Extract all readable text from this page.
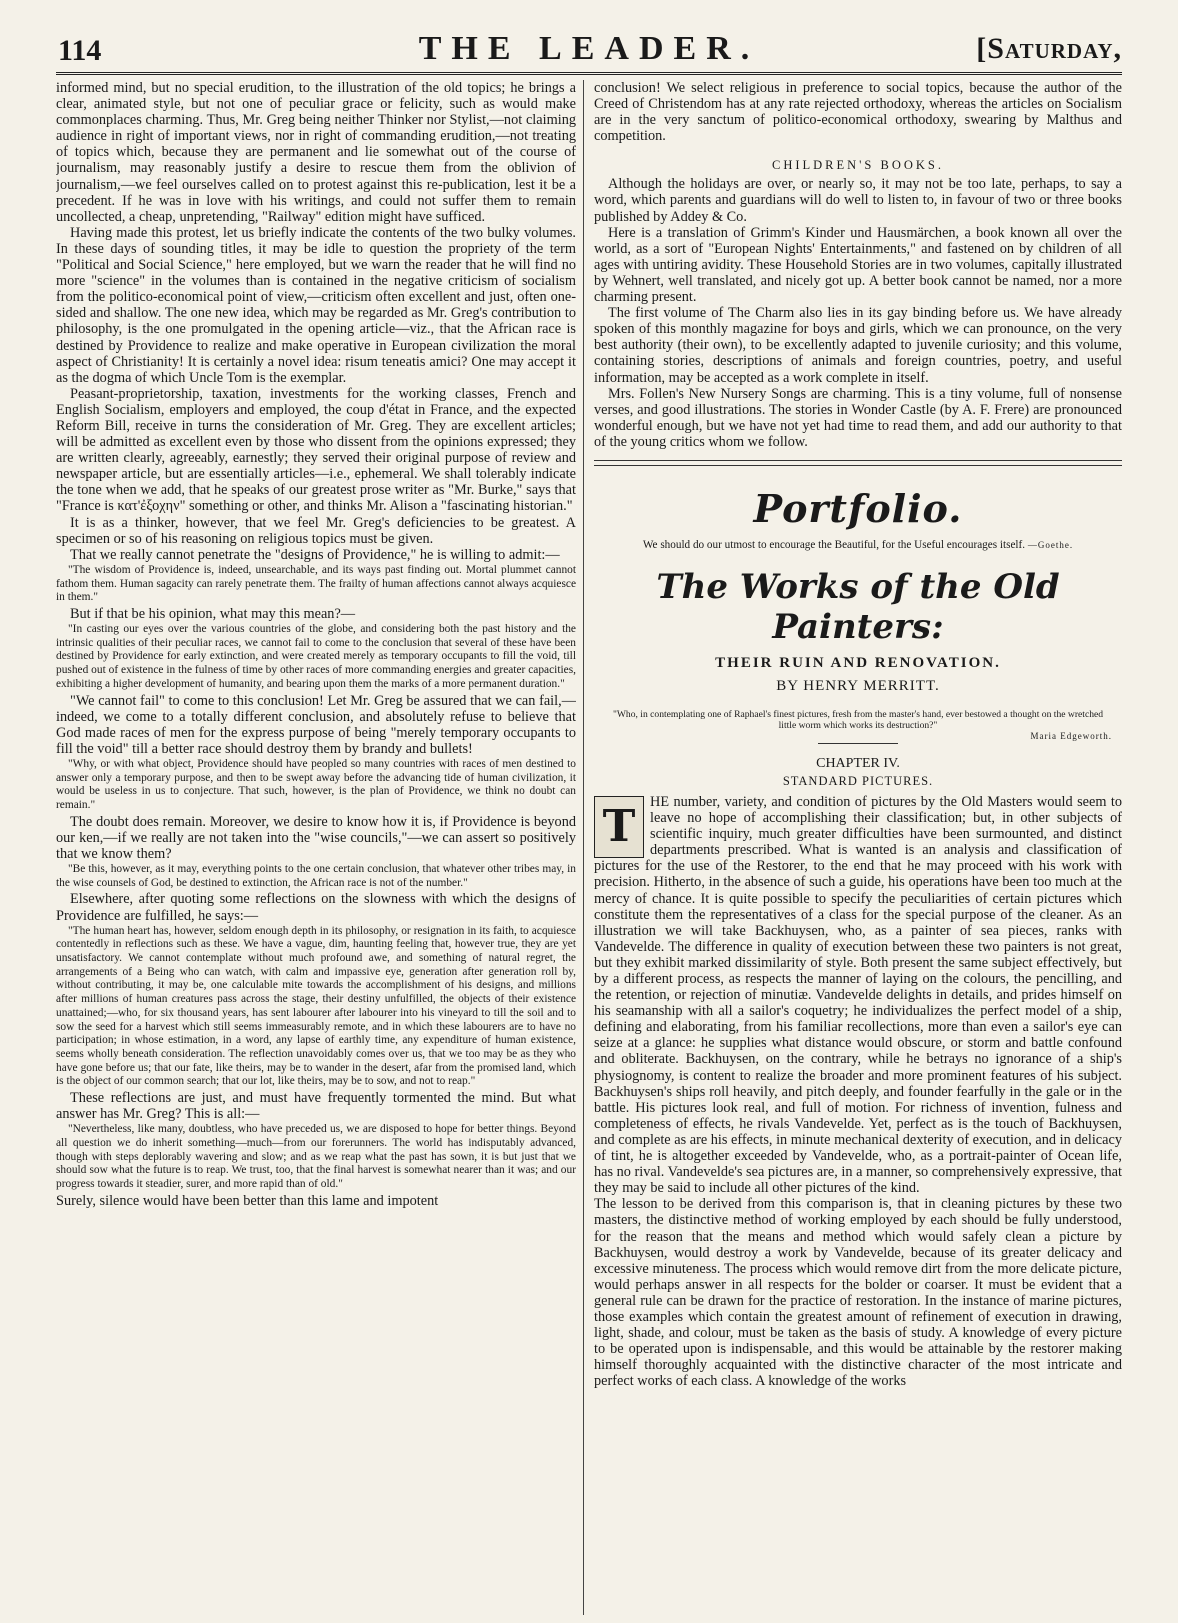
114	THE LEADER.	[Saturday,

informed mind, but no special erudition, to the illustration of the old topics; he brings a clear, animated style, but not one of peculiar grace or felicity, such as would make commonplaces charming. Thus, Mr. Greg being neither Thinker nor Stylist,—not claiming audience in right of important views, nor in right of commanding erudition,—not treating of topics which, because they are permanent and lie somewhat out of the course of journalism, may reasonably justify a desire to rescue them from the oblivion of journalism,—we feel ourselves called on to protest against this re-publication, lest it be a precedent. If he was in love with his writings, and could not suffer them to remain uncollected, a cheap, unpretending, "Railway" edition might have sufficed.

Having made this protest, let us briefly indicate the contents of the two bulky volumes. In these days of sounding titles, it may be idle to question the propriety of the term "Political and Social Science," here employed, but we warn the reader that he will find no more "science" in the volumes than is contained in the negative criticism of socialism from the politico-economical point of view,—criticism often excellent and just, often one-sided and shallow. The one new idea, which may be regarded as Mr. Greg's contribution to philosophy, is the one promulgated in the opening article—viz., that the African race is destined by Providence to realize and make operative in European civilization the moral aspect of Christianity! It is certainly a novel idea: risum teneatis amici? One may accept it as the dogma of which Uncle Tom is the exemplar.

Peasant-proprietorship, taxation, investments for the working classes, French and English Socialism, employers and employed, the coup d'état in France, and the expected Reform Bill, receive in turns the consideration of Mr. Greg. They are excellent articles; will be admitted as excellent even by those who dissent from the opinions expressed; they are written clearly, agreeably, earnestly; they served their original purpose of review and newspaper article, but are essentially articles—i.e., ephemeral. We shall tolerably indicate the tone when we add, that he speaks of our greatest prose writer as "Mr. Burke," says that "France is κατ'ἐξοχην" something or other, and thinks Mr. Alison a "fascinating historian."

It is as a thinker, however, that we feel Mr. Greg's deficiencies to be greatest. A specimen or so of his reasoning on religious topics must be given.

That we really cannot penetrate the "designs of Providence," he is willing to admit:—

"The wisdom of Providence is, indeed, unsearchable, and its ways past finding out. Mortal plummet cannot fathom them. Human sagacity can rarely penetrate them. The frailty of human affections cannot always acquiesce in them."

But if that be his opinion, what may this mean?—

"In casting our eyes over the various countries of the globe, and considering both the past history and the intrinsic qualities of their peculiar races, we cannot fail to come to the conclusion that several of these have been destined by Providence for early extinction, and were created merely as temporary occupants to fill the void, till pushed out of existence in the fulness of time by other races of more commanding energies and greater capacities, exhibiting a higher development of humanity, and bearing upon them the marks of a more permanent duration."

"We cannot fail" to come to this conclusion! Let Mr. Greg be assured that we can fail,—indeed, we come to a totally different conclusion, and absolutely refuse to believe that God made races of men for the express purpose of being "merely temporary occupants to fill the void" till a better race should destroy them by brandy and bullets!

"Why, or with what object, Providence should have peopled so many countries with races of men destined to answer only a temporary purpose, and then to be swept away before the advancing tide of human civilization, it would be useless in us to conjecture. That such, however, is the plan of Providence, we think no doubt can remain."

The doubt does remain. Moreover, we desire to know how it is, if Providence is beyond our ken,—if we really are not taken into the "wise councils,"—we can assert so positively that we know them?

"Be this, however, as it may, everything points to the one certain conclusion, that whatever other tribes may, in the wise counsels of God, be destined to extinction, the African race is not of the number."

Elsewhere, after quoting some reflections on the slowness with which the designs of Providence are fulfilled, he says:—

"The human heart has, however, seldom enough depth in its philosophy, or resignation in its faith, to acquiesce contentedly in reflections such as these. We have a vague, dim, haunting feeling that, however true, they are yet unsatisfactory. We cannot contemplate without much profound awe, and something of natural regret, the arrangements of a Being who can watch, with calm and impassive eye, generation after generation roll by, without contributing, it may be, one calculable mite towards the accomplishment of his designs, and millions after millions of human creatures pass across the stage, their destiny unfulfilled, the objects of their existence unattained;—who, for six thousand years, has sent labourer after labourer into his vineyard to till the soil and to sow the seed for a harvest which still seems immeasurably remote, and in which these labourers are to have no participation; in whose estimation, in a word, any lapse of earthly time, any expenditure of human existence, seems wholly beneath consideration. The reflection unavoidably comes over us, that we too may be as they who have gone before us; that our fate, like theirs, may be to wander in the desert, afar from the promised land, which is the object of our common search; that our lot, like theirs, may be to sow, and not to reap."

These reflections are just, and must have frequently tormented the mind. But what answer has Mr. Greg? This is all:—

"Nevertheless, like many, doubtless, who have preceded us, we are disposed to hope for better things. Beyond all question we do inherit something—much—from our forerunners. The world has indisputably advanced, though with steps deplorably wavering and slow; and as we reap what the past has sown, it is but just that we should sow what the future is to reap. We trust, too, that the final harvest is somewhat nearer than it was; and our progress towards it steadier, surer, and more rapid than of old."

Surely, silence would have been better than this lame and impotent

conclusion! We select religious in preference to social topics, because the author of the Creed of Christendom has at any rate rejected orthodoxy, whereas the articles on Socialism are in the very sanctum of politico-economical orthodoxy, swearing by Malthus and competition.

CHILDREN'S BOOKS.

Although the holidays are over, or nearly so, it may not be too late, perhaps, to say a word, which parents and guardians will do well to listen to, in favour of two or three books published by Addey & Co.

Here is a translation of Grimm's Kinder und Hausmärchen, a book known all over the world, as a sort of "European Nights' Entertainments," and fastened on by children of all ages with untiring avidity. These Household Stories are in two volumes, capitally illustrated by Wehnert, well translated, and nicely got up. A better book cannot be named, nor a more charming present.

The first volume of The Charm also lies in its gay binding before us. We have already spoken of this monthly magazine for boys and girls, which we can pronounce, on the very best authority (their own), to be excellently adapted to juvenile curiosity; and this volume, containing stories, descriptions of animals and foreign countries, poetry, and useful information, may be accepted as a work complete in itself.

Mrs. Follen's New Nursery Songs are charming. This is a tiny volume, full of nonsense verses, and good illustrations. The stories in Wonder Castle (by A. F. Frere) are pronounced wonderful enough, but we have not yet had time to read them, and add our authority to that of the young critics whom we follow.

Portfolio.
We should do our utmost to encourage the Beautiful, for the Useful encourages itself. —Goethe.
The Works of the Old Painters:
THEIR RUIN AND RENOVATION.
BY HENRY MERRITT.
"Who, in contemplating one of Raphael's finest pictures, fresh from the master's hand, ever bestowed a thought on the wretched little worm which works its destruction?"
Maria Edgeworth.
CHAPTER IV.
STANDARD PICTURES.
T	HE number, variety, and condition of pictures by the Old Masters would seem to leave no hope of accomplishing their classification; but, in other subjects of scientific inquiry, much greater difficulties have been surmounted, and distinct departments prescribed. What is wanted is an analysis and classification of pictures for the use of the Restorer, to the end that he may proceed with his work with precision. Hitherto, in the absence of such a guide, his operations have been too much at the mercy of chance. It is quite possible to specify the peculiarities of certain pictures which constitute them the representatives of a class for the special purpose of the cleaner. As an illustration we will take Backhuysen, who, as a painter of sea pieces, ranks with Vandevelde. The difference in quality of execution between these two painters is not great, but they exhibit marked dissimilarity of style. Both present the same subject effectively, but by a different process, as respects the manner of laying on the colours, the pencilling, and the retention, or rejection of minutiæ. Vandevelde delights in details, and prides himself on his seamanship with all a sailor's coquetry; he individualizes the perfect model of a ship, defining and elaborating, from his familiar recollections, more than even a sailor's eye can seize at a glance: he supplies what distance would obscure, or storm and battle confound and obliterate. Backhuysen, on the contrary, while he betrays no ignorance of a ship's physiognomy, is content to realize the broader and more prominent features of his subject. Backhuysen's ships roll heavily, and pitch deeply, and founder fearfully in the gale or in the battle. His pictures look real, and full of motion. For richness of invention, fulness and completeness of effects, he rivals Vandevelde. Yet, perfect as is the touch of Backhuysen, and complete as are his effects, in minute mechanical dexterity of execution, and in delicacy of tint, he is altogether exceeded by Vandevelde, who, as a portrait-painter of Ocean life, has no rival. Vandevelde's sea pictures are, in a manner, so comprehensively expressive, that they may be said to include all other pictures of the kind.

The lesson to be derived from this comparison is, that in cleaning pictures by these two masters, the distinctive method of working employed by each should be fully understood, for the reason that the means and method which would safely clean a picture by Backhuysen, would destroy a work by Vandevelde, because of its greater delicacy and excessive minuteness. The process which would remove dirt from the more delicate picture, would perhaps answer in all respects for the bolder or coarser. It must be evident that a general rule can be drawn for the practice of restoration. In the instance of marine pictures, those examples which contain the greatest amount of refinement of execution in drawing, light, shade, and colour, must be taken as the basis of study. A knowledge of every picture to be operated upon is indispensable, and this would be attainable by the restorer making himself thoroughly acquainted with the distinctive character of the most intricate and perfect works of each class. A knowledge of the works
